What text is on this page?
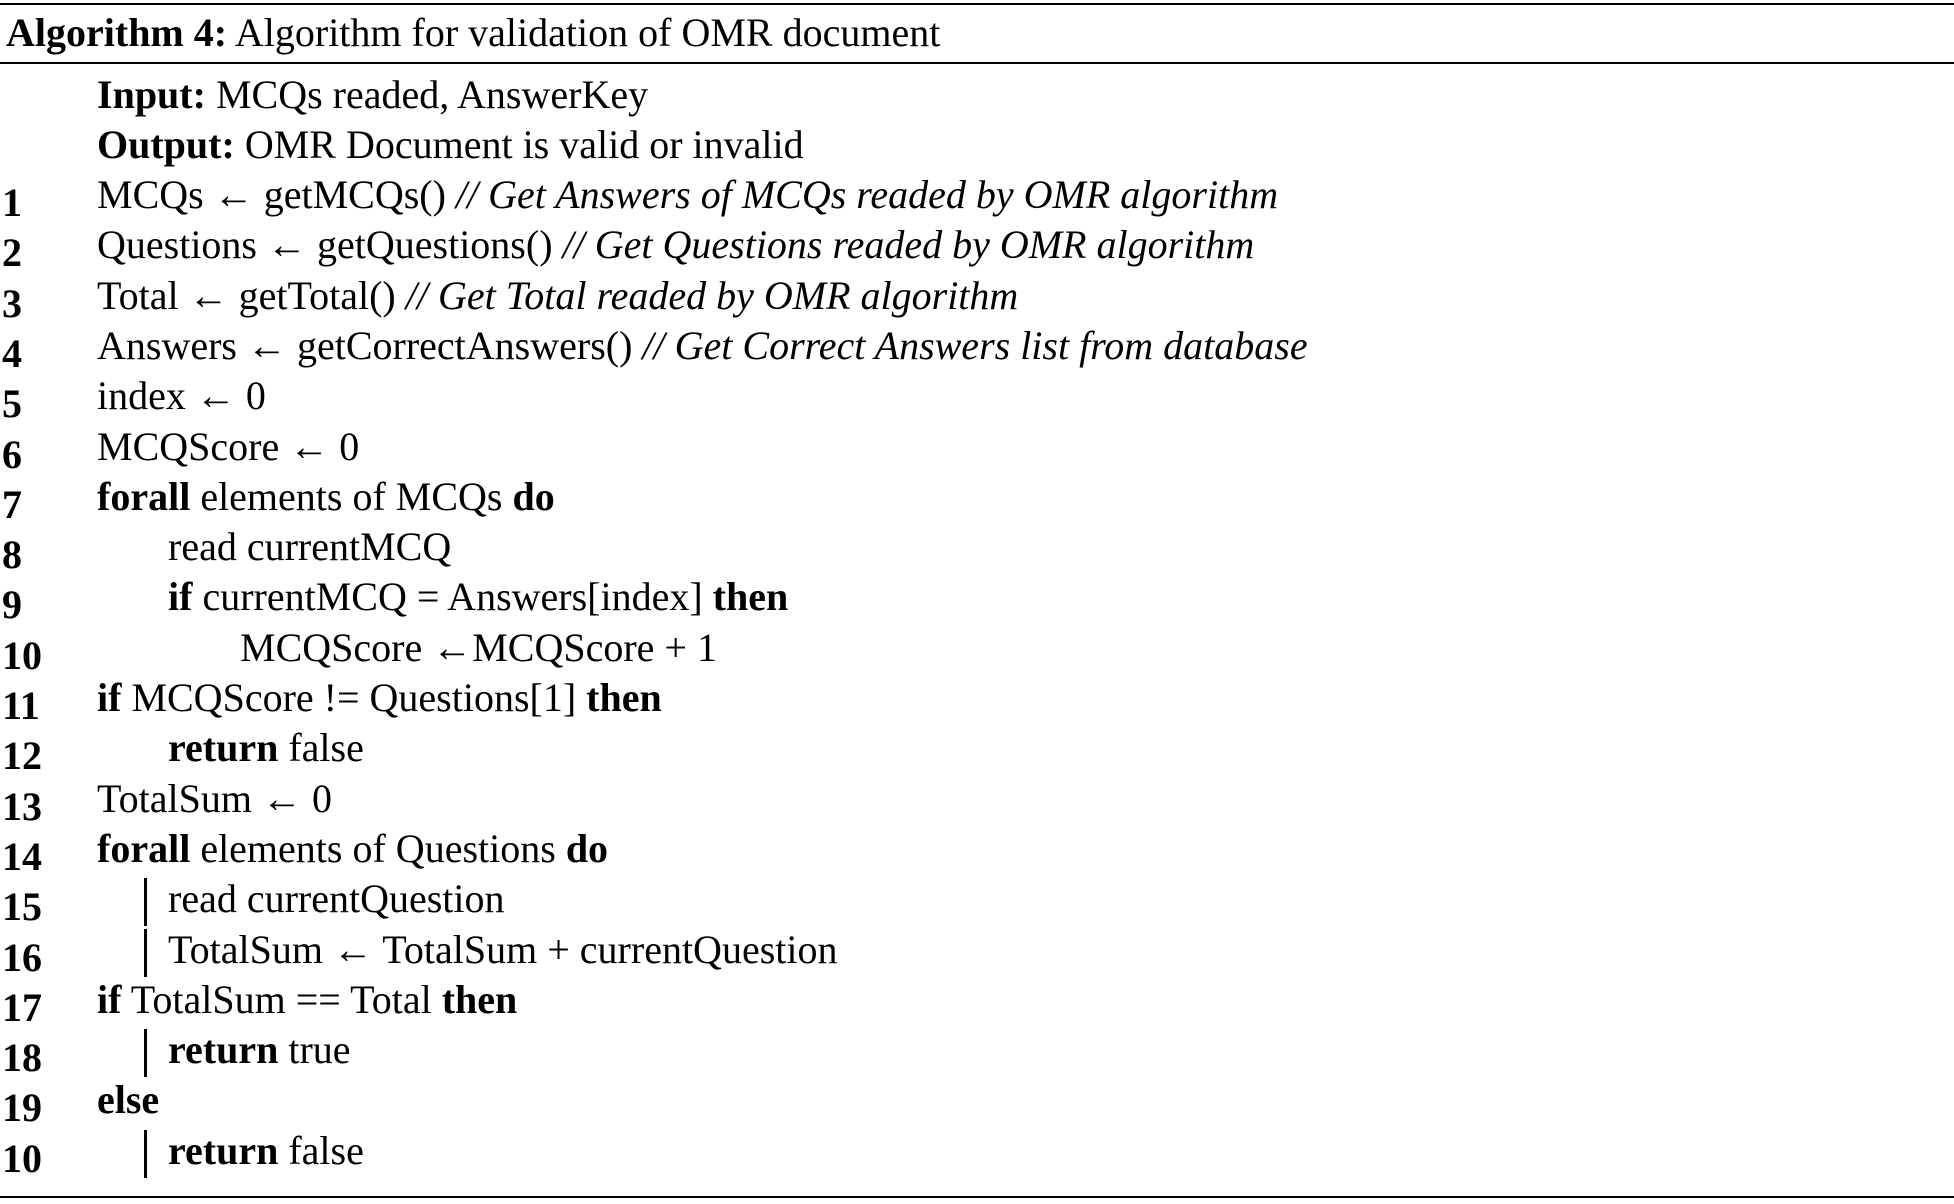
Algorithm 4: Algorithm for validation of OMR document
Input: MCQs readed, AnswerKey
Output: OMR Document is valid or invalid
1 MCQs ← getMCQs() // Get Answers of MCQs readed by OMR algorithm
2 Questions ← getQuestions() // Get Questions readed by OMR algorithm
3 Total ← getTotal() // Get Total readed by OMR algorithm
4 Answers ← getCorrectAnswers() // Get Correct Answers list from database
5 index ← 0
6 MCQScore ← 0
7 forall elements of MCQs do
8	read currentMCQ
9	if currentMCQ = Answers[index] then
10	MCQScore ←MCQScore + 1
11 if MCQScore != Questions[1] then
12	return false
13 TotalSum ← 0
14 forall elements of Questions do
15	read currentQuestion
16	TotalSum ← TotalSum + currentQuestion
17 if TotalSum == Total then
18	return true
19 else
10	return false
